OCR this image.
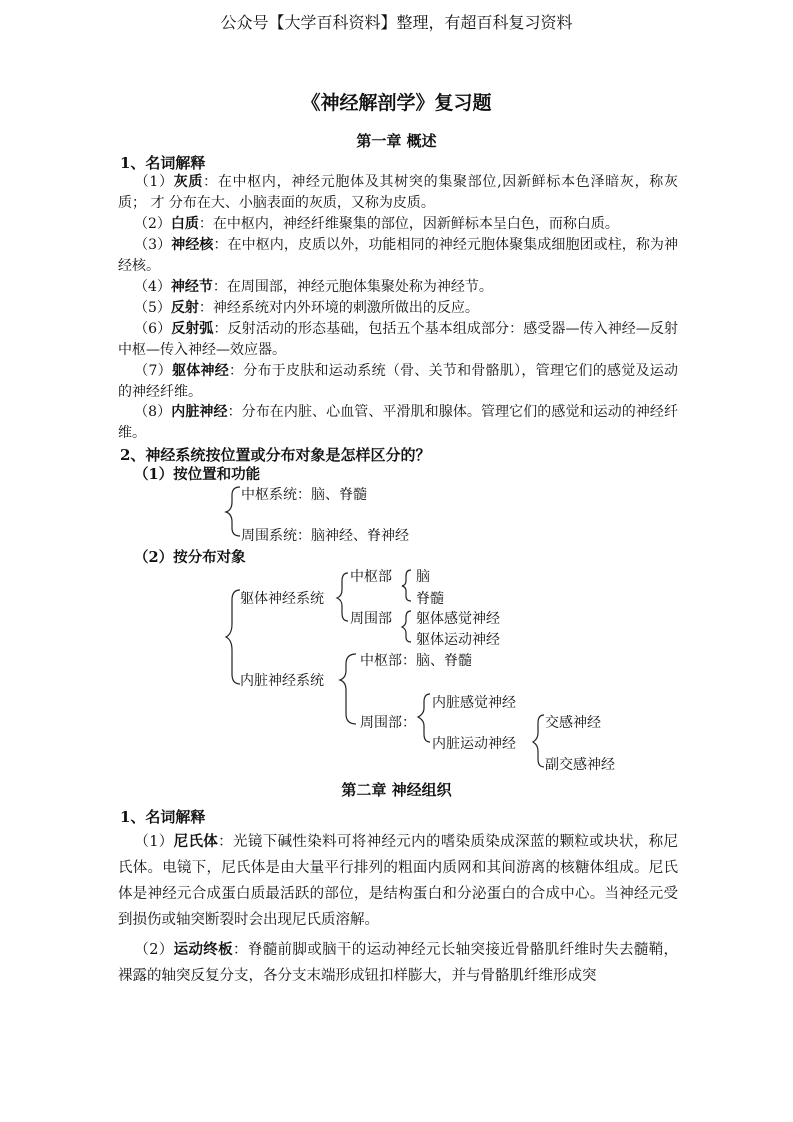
公众号【大学百科资料】整理，有超百科复习资料
《神经解剖学》复习题
第一章 概述
1、名词解释
（1）灰质：在中枢内，神经元胞体及其树突的集聚部位,因新鲜标本色泽暗灰，称灰质； 才 分布在大、小脑表面的灰质，又称为皮质。
（2）白质：在中枢内，神经纤维聚集的部位，因新鲜标本呈白色，而称白质。
（3）神经核：在中枢内，皮质以外，功能相同的神经元胞体聚集成细胞团或柱，称为神经核。
（4）神经节：在周围部，神经元胞体集聚处称为神经节。
（5）反射：神经系统对内外环境的刺激所做出的反应。
（6）反射弧：反射活动的形态基础，包括五个基本组成部分：感受器—传入神经—反射中枢—传入神经—效应器。
（7）躯体神经：分布于皮肤和运动系统（骨、关节和骨骼肌），管理它们的感觉及运动的神经纤维。
（8）内脏神经：分布在内脏、心血管、平滑肌和腺体。管理它们的感觉和运动的神经纤维。
2、神经系统按位置或分布对象是怎样区分的？
（1）按位置和功能
中枢系统：脑、脊髓
周围系统：脑神经、脊神经
（2）按分布对象
躯体神经系统
中枢部 脑
脊髓
周围部 躯体感觉神经
躯体运动神经
内脏神经系统
中枢部：脑、脊髓
周围部：
内脏感觉神经
内脏运动神经
交感神经
副交感神经
第二章 神经组织
1、名词解释
（1）尼氏体：光镜下碱性染料可将神经元内的嗜染质染成深蓝的颗粒或块状，称尼氏体。电镜下，尼氏体是由大量平行排列的粗面内质网和其间游离的核糖体组成。尼氏体是神经元合成蛋白质最活跃的部位，是结构蛋白和分泌蛋白的合成中心。当神经元受到损伤或轴突断裂时会出现尼氏质溶解。
（2）运动终板：脊髓前脚或脑干的运动神经元长轴突接近骨骼肌纤维时失去髓鞘，裸露的轴突反复分支，各分支末端形成钮扣样膨大，并与骨骼肌纤维形成突
